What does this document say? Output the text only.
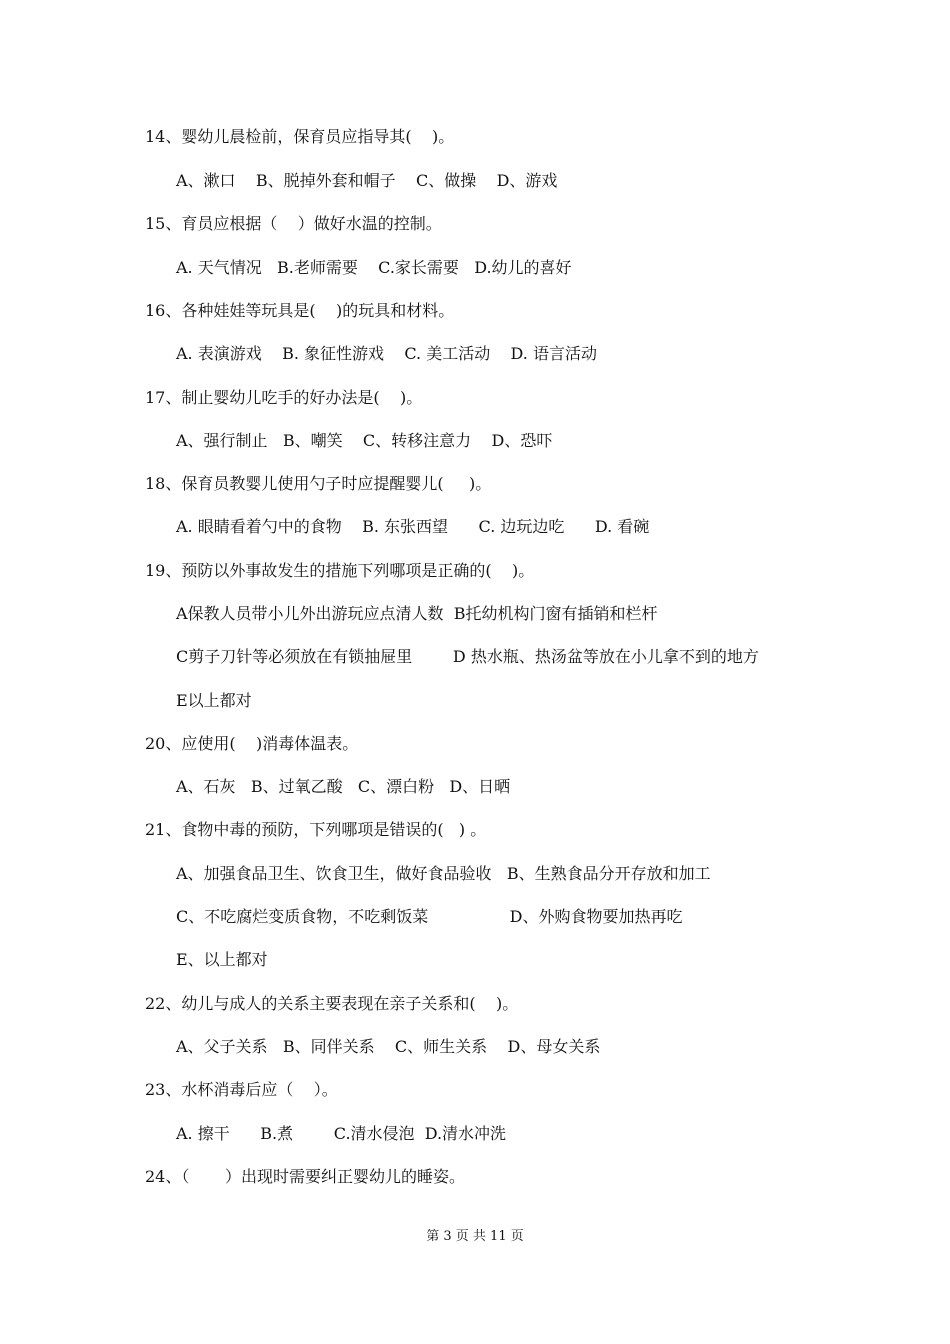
14、婴幼儿晨检前，保育员应指导其(    )。
A、漱口    B、脱掉外套和帽子    C、做操    D、游戏
15、育员应根据（    ）做好水温的控制。
A. 天气情况   B.老师需要    C.家长需要   D.幼儿的喜好
16、各种娃娃等玩具是(    )的玩具和材料。
A. 表演游戏    B. 象征性游戏    C. 美工活动    D. 语言活动
17、制止婴幼儿吃手的好办法是(    )。
A、强行制止   B、嘲笑    C、转移注意力    D、恐吓
18、保育员教婴儿使用勺子时应提醒婴儿(     )。
A. 眼睛看着勺中的食物    B. 东张西望      C. 边玩边吃      D. 看碗
19、预防以外事故发生的措施下列哪项是正确的(    )。
A保教人员带小儿外出游玩应点清人数  B托幼机构门窗有插销和栏杆
C剪子刀针等必须放在有锁抽屉里        D 热水瓶、热汤盆等放在小儿拿不到的地方
E以上都对
20、应使用(    )消毒体温表。
A、石灰   B、过氧乙酸   C、漂白粉   D、日晒
21、食物中毒的预防，下列哪项是错误的(   ) 。
A、加强食品卫生、饮食卫生，做好食品验收   B、生熟食品分开存放和加工
C、不吃腐烂变质食物，不吃剩饭菜                D、外购食物要加热再吃
E、以上都对
22、幼儿与成人的关系主要表现在亲子关系和(    )。
A、父子关系   B、同伴关系    C、师生关系    D、母女关系
23、水杯消毒后应（    ）。
A. 擦干      B.煮        C.清水侵泡  D.清水冲洗
24、（       ）出现时需要纠正婴幼儿的睡姿。
第 3 页 共 11 页
